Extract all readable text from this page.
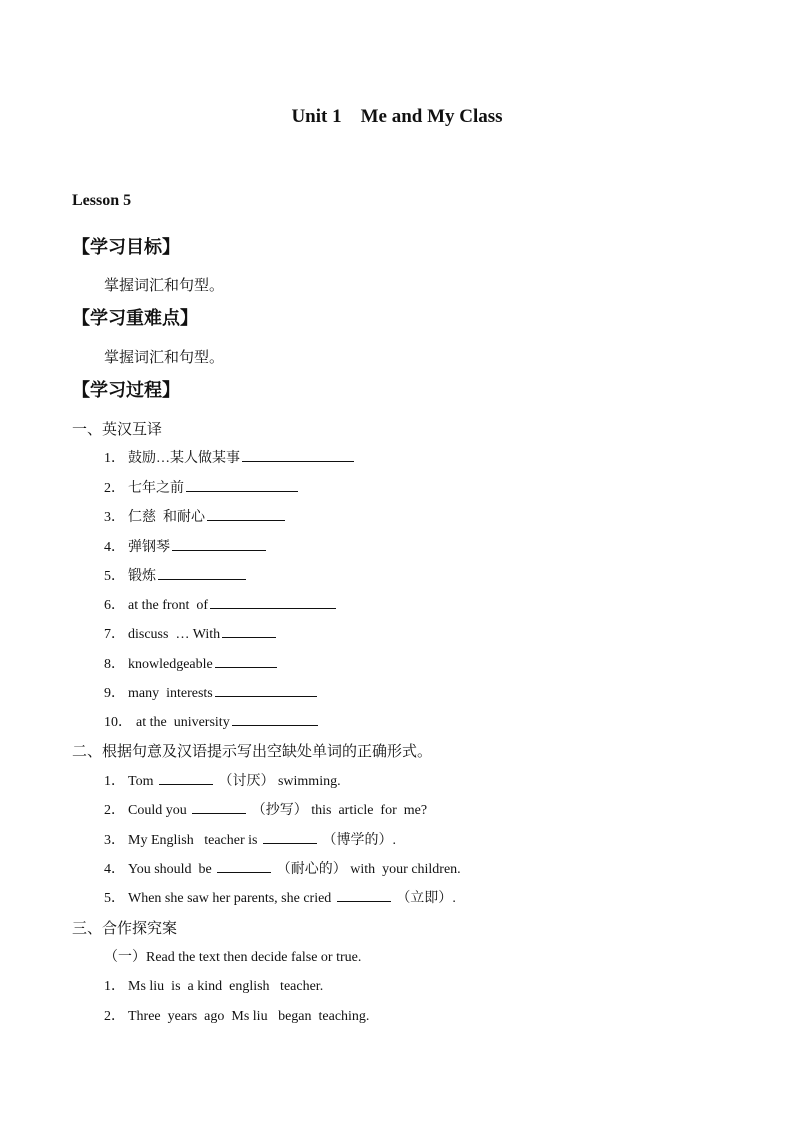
Unit 1    Me and My Class
Lesson 5
【学习目标】
掌握词汇和句型。
【学习重难点】
掌握词汇和句型。
【学习过程】
一、英汉互译
1． 鼓励…某人做某事
2． 七年之前
3． 仁慈  和耐心
4． 弹钢琴
5． 锻炼
6． at the front  of
7． discuss  … With
8． knowledgeable
9． many  interests
10． at the  university
二、根据句意及汉语提示写出空缺处单词的正确形式。
1． Tom	（讨厌） swimming.
2． Could you	（抄写） this  article  for  me?
3． My English   teacher is	（博学的）.
4． You should  be	（耐心的） with  your children.
5． When she saw her parents, she cried	（立即）.
三、合作探究案
（一）Read the text then decide false or true.
1． Ms liu  is  a kind  english   teacher.
2． Three  years  ago  Ms liu   began  teaching.
